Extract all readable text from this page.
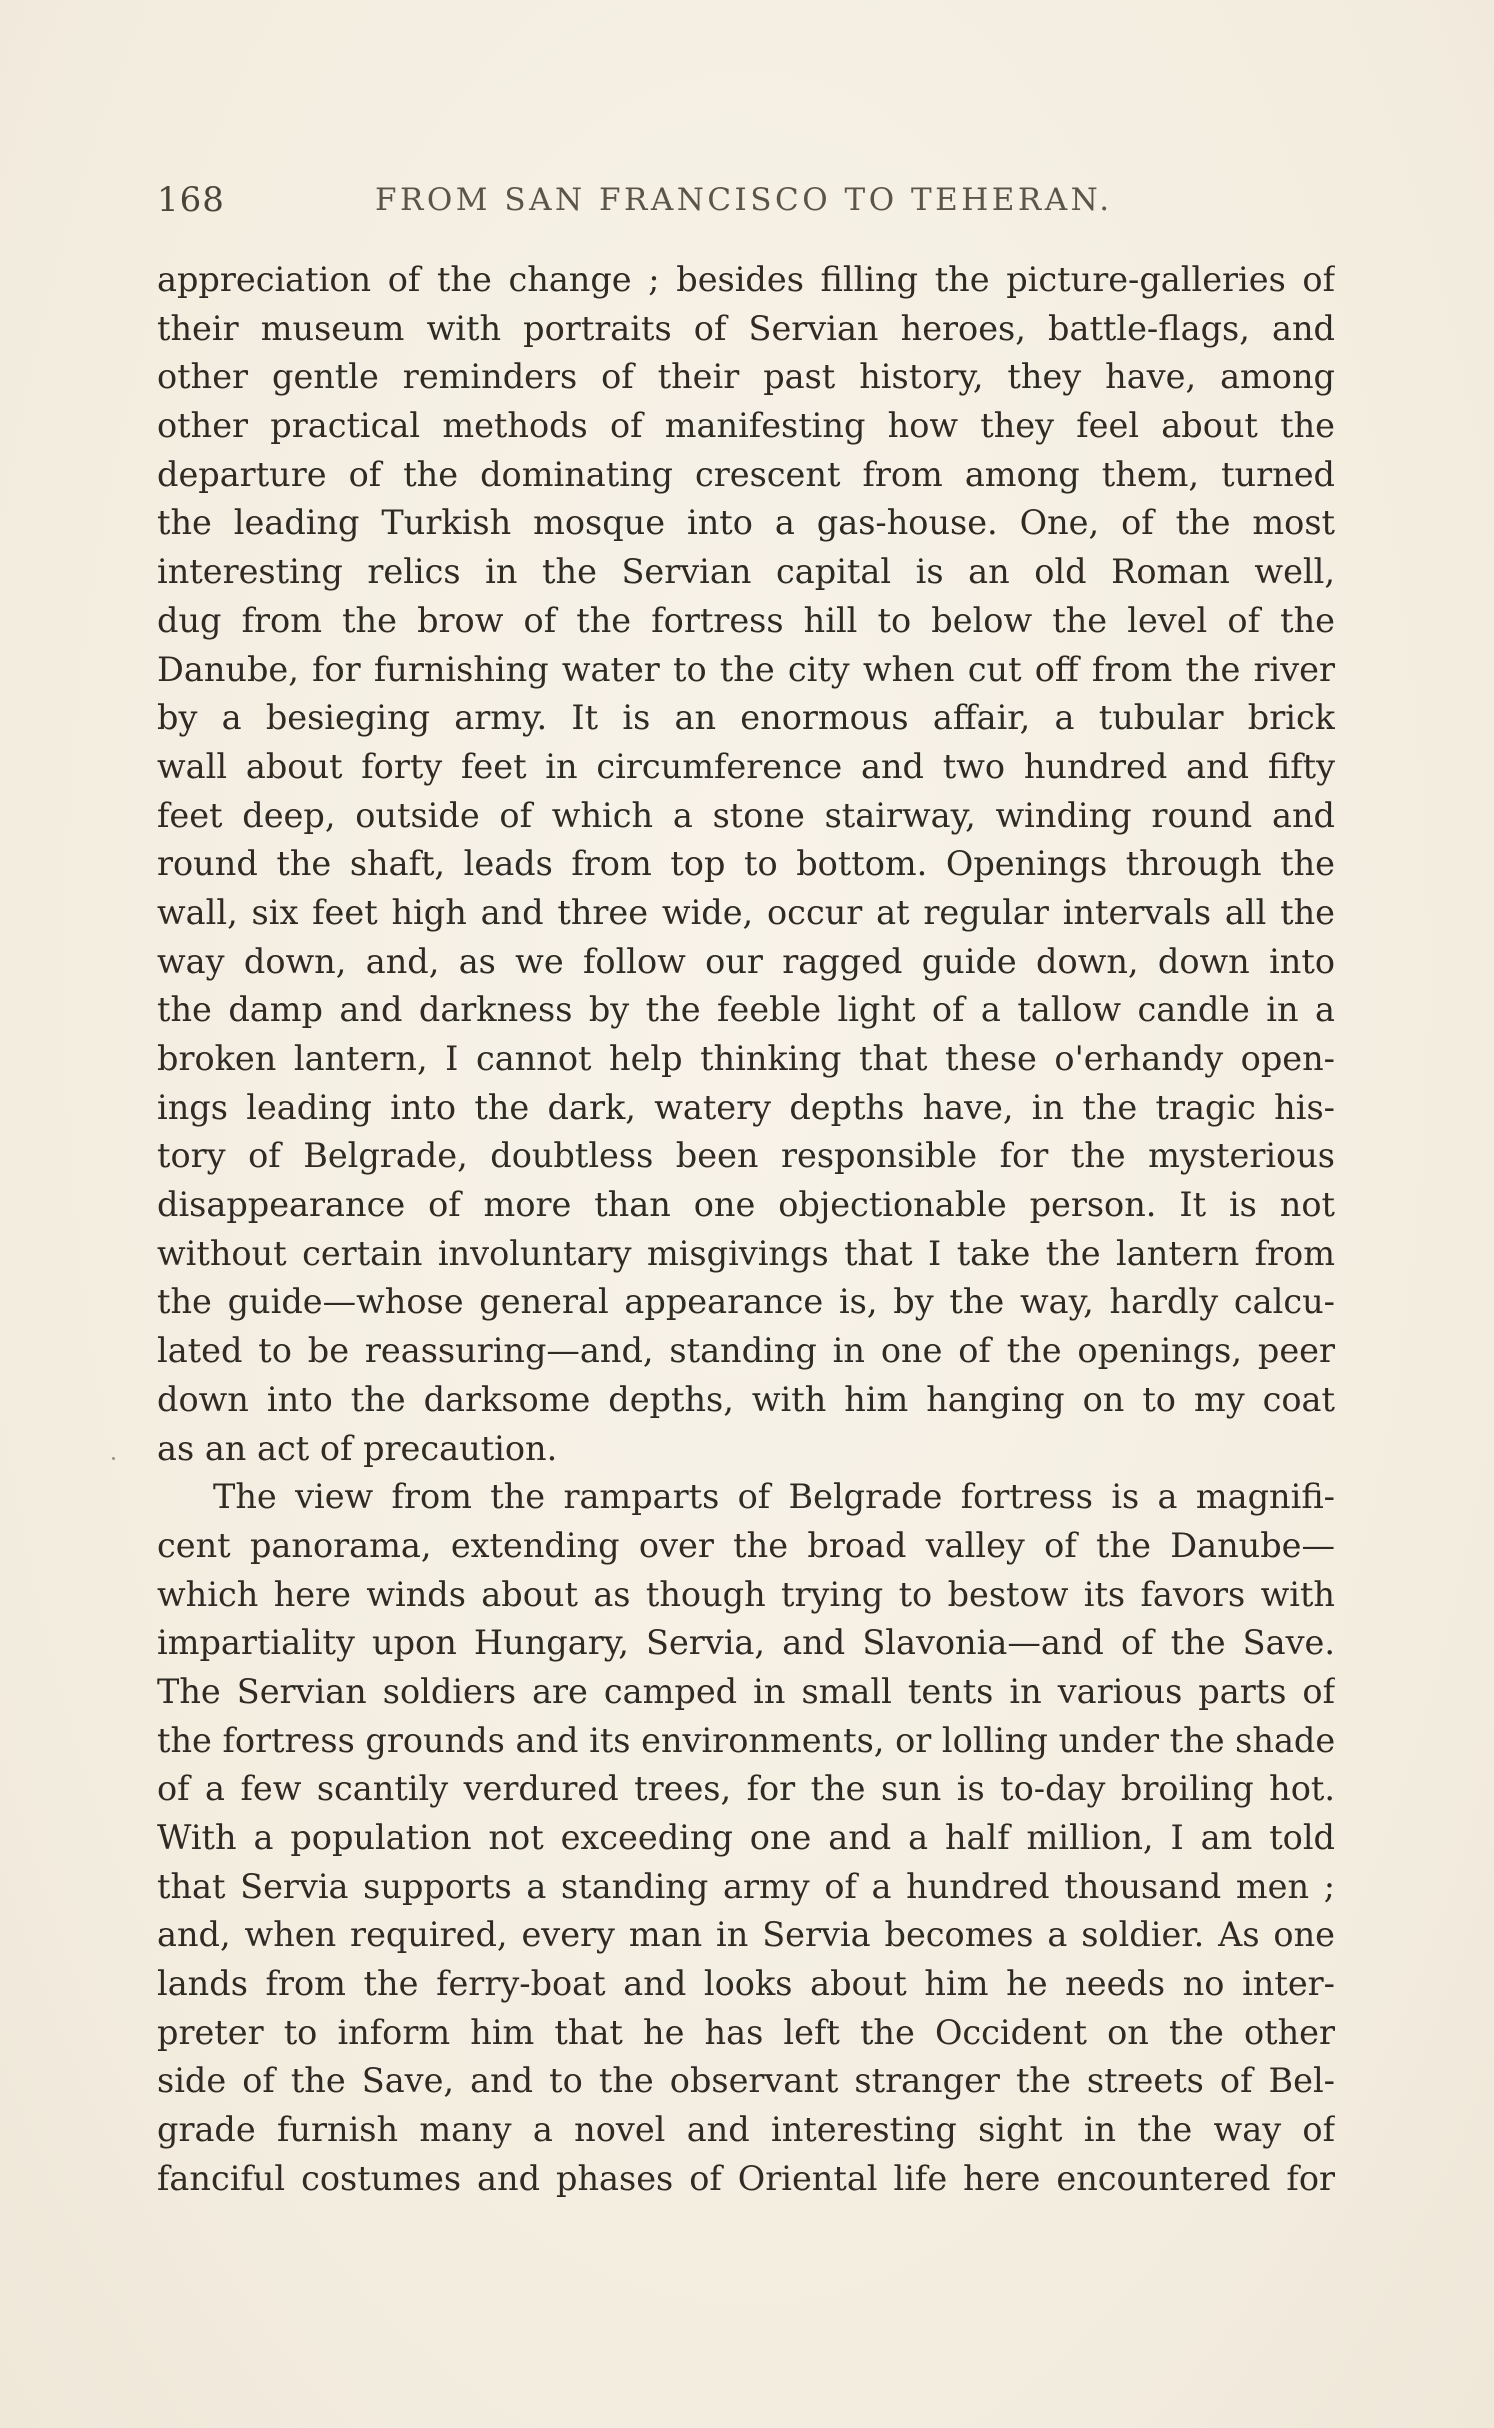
168	FROM SAN FRANCISCO TO TEHERAN.
appreciation of the change ; besides filling the picture-galleries of
their museum with portraits of Servian heroes, battle-flags, and
other gentle reminders of their past history, they have, among
other practical methods of manifesting how they feel about the
departure of the dominating crescent from among them, turned
the leading Turkish mosque into a gas-house. One, of the most
interesting relics in the Servian capital is an old Roman well,
dug from the brow of the fortress hill to below the level of the
Danube, for furnishing water to the city when cut off from the river
by a besieging army. It is an enormous affair, a tubular brick
wall about forty feet in circumference and two hundred and fifty
feet deep, outside of which a stone stairway, winding round and
round the shaft, leads from top to bottom. Openings through the
wall, six feet high and three wide, occur at regular intervals all the
way down, and, as we follow our ragged guide down, down into
the damp and darkness by the feeble light of a tallow candle in a
broken lantern, I cannot help thinking that these o'erhandy open-
ings leading into the dark, watery depths have, in the tragic his-
tory of Belgrade, doubtless been responsible for the mysterious
disappearance of more than one objectionable person. It is not
without certain involuntary misgivings that I take the lantern from
the guide—whose general appearance is, by the way, hardly calcu-
lated to be reassuring—and, standing in one of the openings, peer
down into the darksome depths, with him hanging on to my coat
as an act of precaution.
The view from the ramparts of Belgrade fortress is a magnifi-
cent panorama, extending over the broad valley of the Danube—
which here winds about as though trying to bestow its favors with
impartiality upon Hungary, Servia, and Slavonia—and of the Save.
The Servian soldiers are camped in small tents in various parts of
the fortress grounds and its environments, or lolling under the shade
of a few scantily verdured trees, for the sun is to-day broiling hot.
With a population not exceeding one and a half million, I am told
that Servia supports a standing army of a hundred thousand men ;
and, when required, every man in Servia becomes a soldier. As one
lands from the ferry-boat and looks about him he needs no inter-
preter to inform him that he has left the Occident on the other
side of the Save, and to the observant stranger the streets of Bel-
grade furnish many a novel and interesting sight in the way of
fanciful costumes and phases of Oriental life here encountered for
